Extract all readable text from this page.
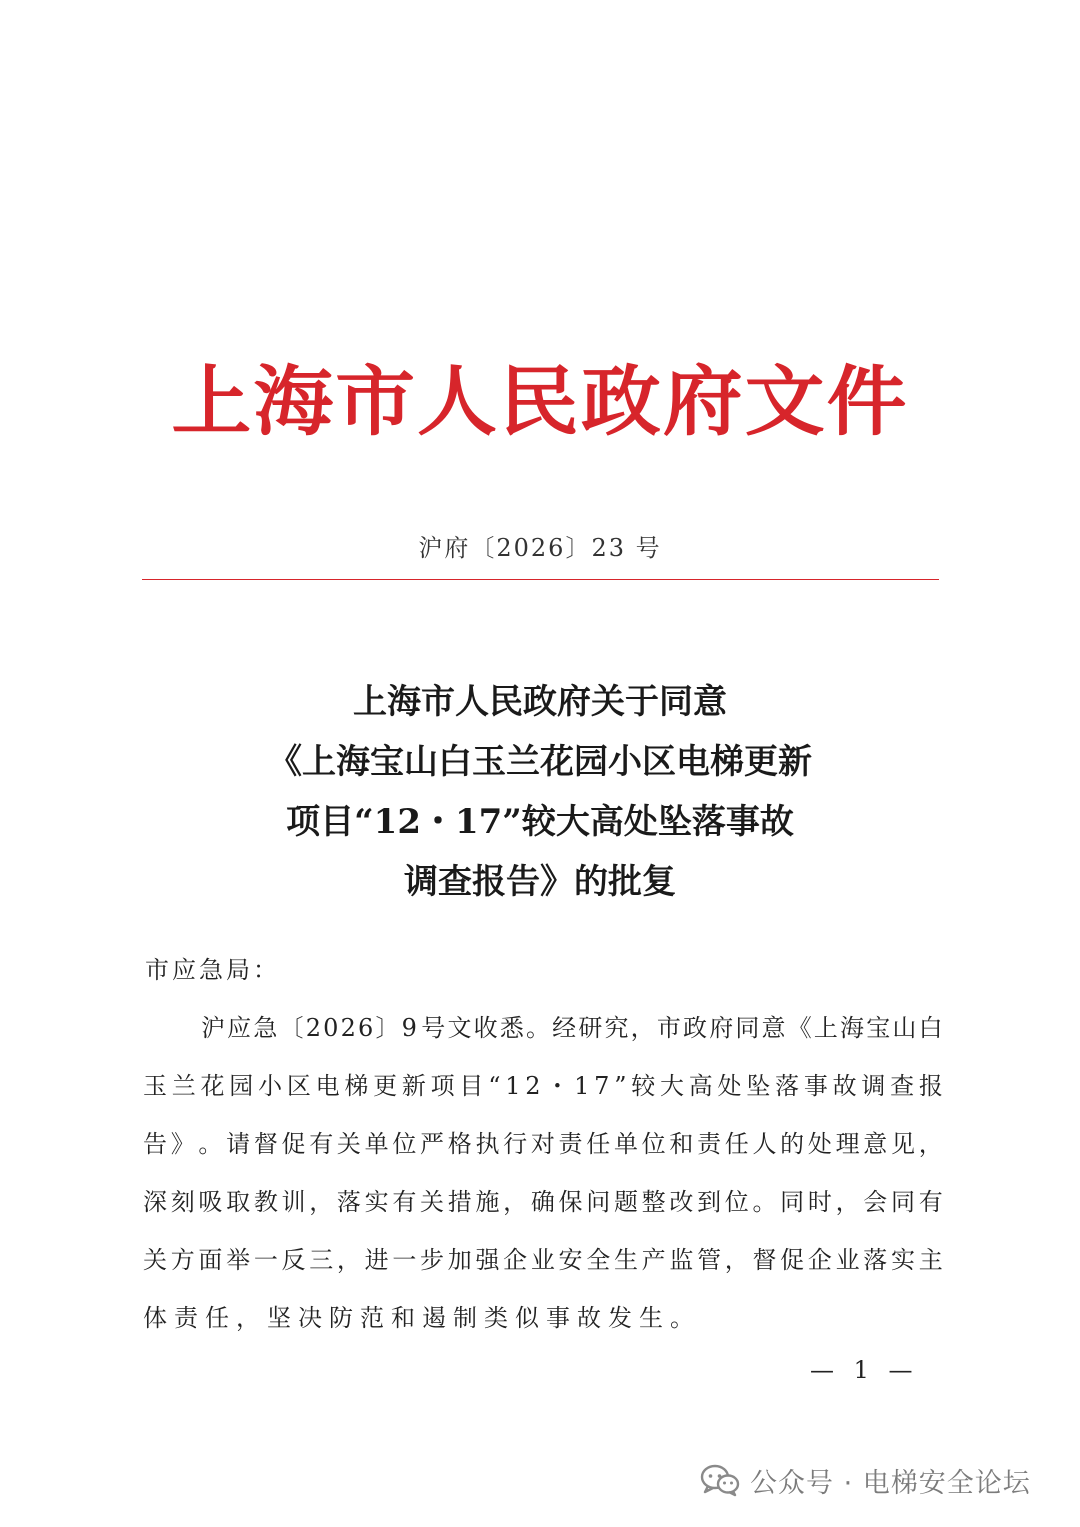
上海市人民政府文件
沪府〔2026〕23 号
上海市人民政府关于同意
《上海宝山白玉兰花园小区电梯更新
项目“12・17”较大高处坠落事故
调查报告》的批复
市应急局：
沪 应 急 〔 2 0 2 6 〕 9 号 文 收 悉 。 经 研 究 ， 市 政 府 同 意 《 上 海 宝 山 白
玉 兰 花 园 小 区 电 梯 更 新 项 目 “ 1 2 ・ 1 7 ” 较 大 高 处 坠 落 事 故 调 查 报
告 》 。 请 督 促 有 关 单 位 严 格 执 行 对 责 任 单 位 和 责 任 人 的 处 理 意 见 ，
深 刻 吸 取 教 训 ， 落 实 有 关 措 施 ， 确 保 问 题 整 改 到 位 。 同 时 ， 会 同 有
关 方 面 举 一 反 三 ， 进 一 步 加 强 企 业 安 全 生 产 监 管 ， 督 促 企 业 落 实 主
体责任，坚决防范和遏制类似事故发生。
— 1 —
公众号 · 电梯安全论坛
